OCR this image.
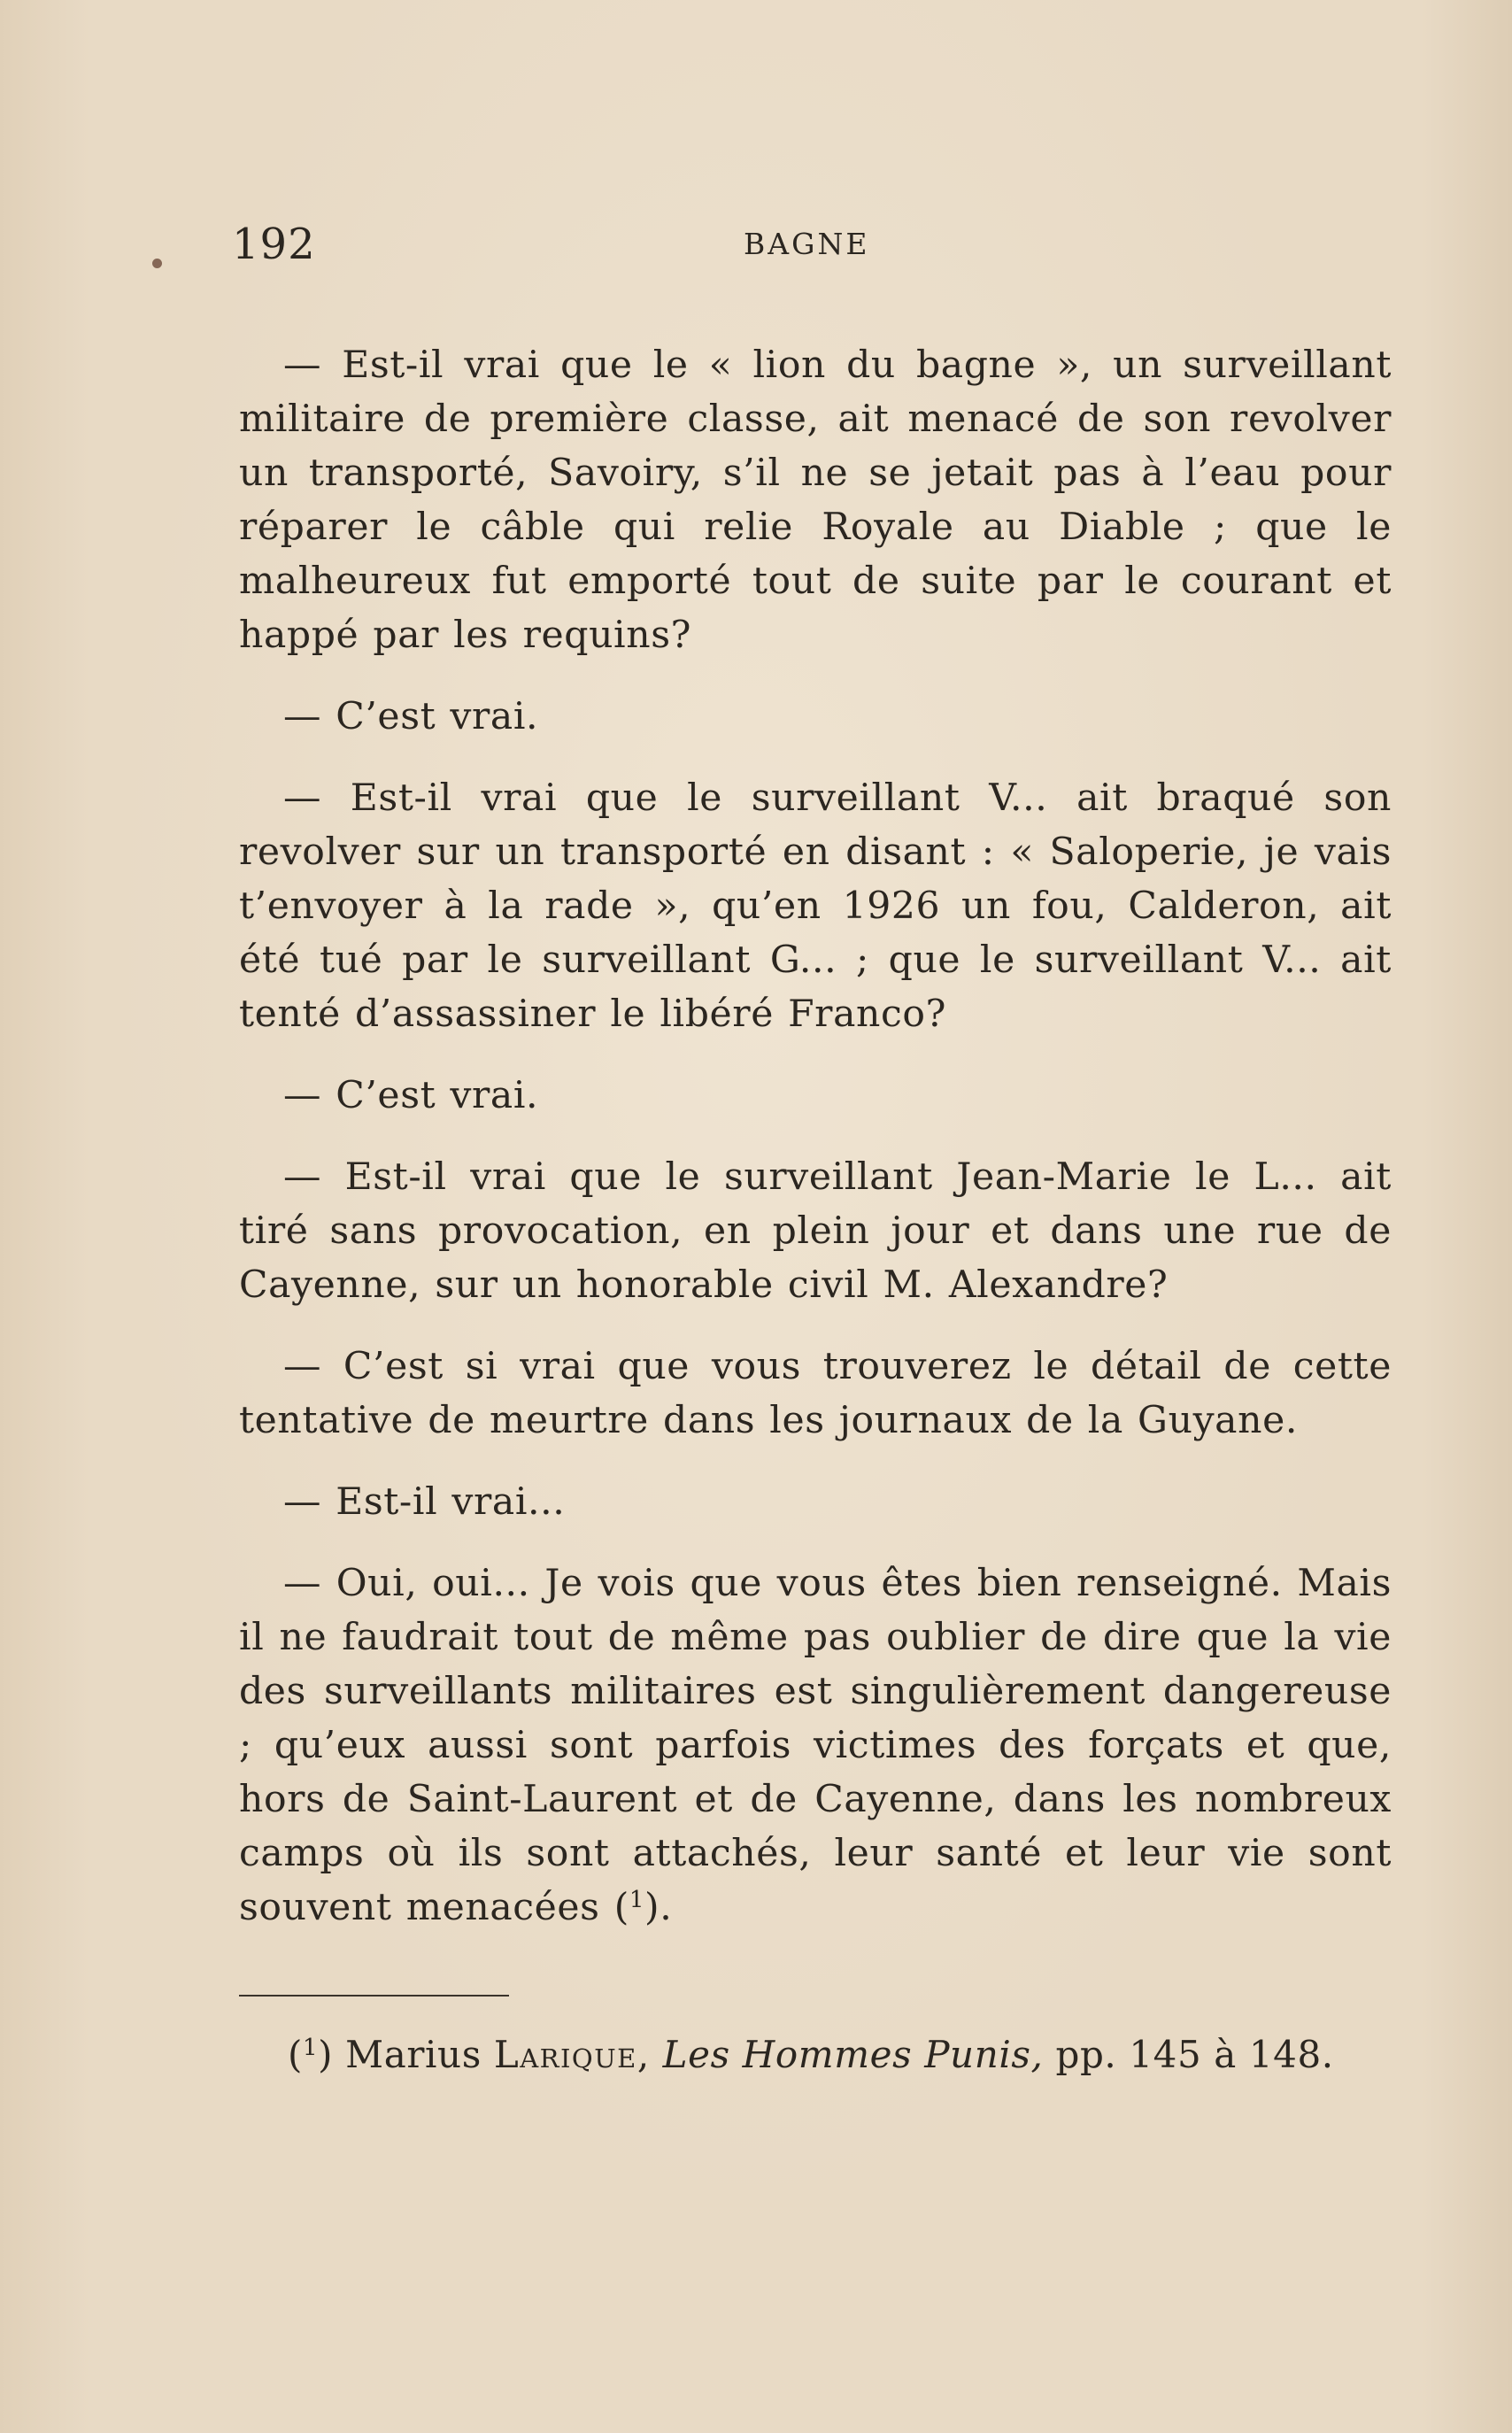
192	BAGNE

— Est-il vrai que le « lion du bagne », un surveillant militaire de première classe, ait menacé de son revolver un transporté, Savoiry, s’il ne se jetait pas à l’eau pour réparer le câble qui relie Royale au Diable ; que le malheureux fut emporté tout de suite par le courant et happé par les requins?

— C’est vrai.

— Est-il vrai que le surveillant V... ait braqué son revolver sur un transporté en disant : « Saloperie, je vais t’envoyer à la rade », qu’en 1926 un fou, Calderon, ait été tué par le surveillant G... ; que le surveillant V... ait tenté d’assassiner le libéré Franco?

— C’est vrai.

— Est-il vrai que le surveillant Jean-Marie le L... ait tiré sans provocation, en plein jour et dans une rue de Cayenne, sur un honorable civil M. Alexandre?

— C’est si vrai que vous trouverez le détail de cette tentative de meurtre dans les journaux de la Guyane.

— Est-il vrai...

— Oui, oui... Je vois que vous êtes bien renseigné. Mais il ne faudrait tout de même pas oublier de dire que la vie des surveillants militaires est singulièrement dangereuse ; qu’eux aussi sont parfois victimes des forçats et que, hors de Saint-Laurent et de Cayenne, dans les nombreux camps où ils sont attachés, leur santé et leur vie sont souvent menacées ($^1$).

($^1$) Marius Larique, Les Hommes Punis, pp. 145 à 148.
